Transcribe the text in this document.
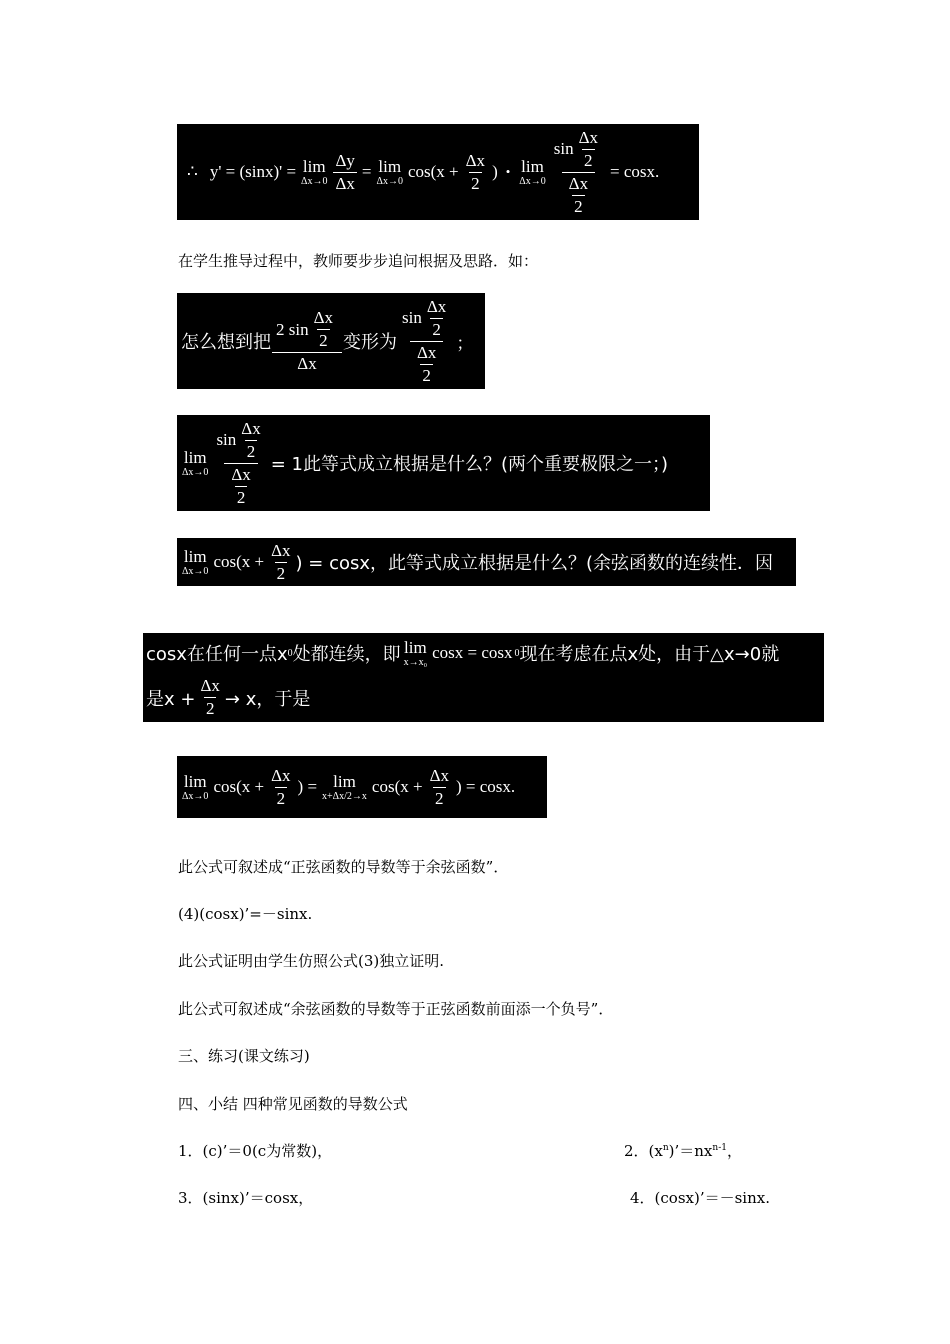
∴ y' = (sinx)' = lim
$\Delta x\to 0 \frac{\Delta y}{\Delta x} = \lim$
Δx→0 $\cos(x + \frac{\Delta x}{2}$ ) • lim
$\Delta x\to 0 \frac{\sin \frac{\Delta x}{2}}{\frac{\Delta x}{2}} = \cos x$.
在学生推导过程中，教师要步步追问根据及思路．如：
怎么想到把 $\frac{2 \sin \frac{\Delta x}{2}}{\Delta x}$ 变形为 $\frac{\sin \frac{\Delta x}{2}}{\frac{\Delta x}{2}}$ ；
lim
$\Delta x\to 0 \frac{\sin \frac{\Delta x}{2}}{\frac{\Delta x}{2}} = 1$此等式成立根据是什么？(两个重要极限之一；)
lim
Δx→0 $\cos(x + \frac{\Delta x}{2}$ ) = cosx，此等式成立根据是什么？(余弦函数的连续性．因
cosx在任何一点x 0 处都连续，即 lim
x→x₀ cosx = cosx 0 现在考虑在点x处，由于△x→0就
是$x + \frac{\Delta x}{2} \to x$，于是
lim
Δx→0 $\cos(x + \frac{\Delta x}{2}$ ) = lim
x+Δx/2→x $\cos(x + \frac{\Delta x}{2}$ ) = cosx.
此公式可叙述成“正弦函数的导数等于余弦函数”．
(4)(cosx)’=－sinx.
此公式证明由学生仿照公式(3)独立证明.
此公式可叙述成“余弦函数的导数等于正弦函数前面添一个负号”．
三、练习(课文练习)
四、小结 四种常见函数的导数公式
1．(c)’＝0(c为常数)，	2．$(x^n)’=nx^{n-1}$，
3．(sinx)’＝cosx，	4．(cosx)’＝－sinx.
